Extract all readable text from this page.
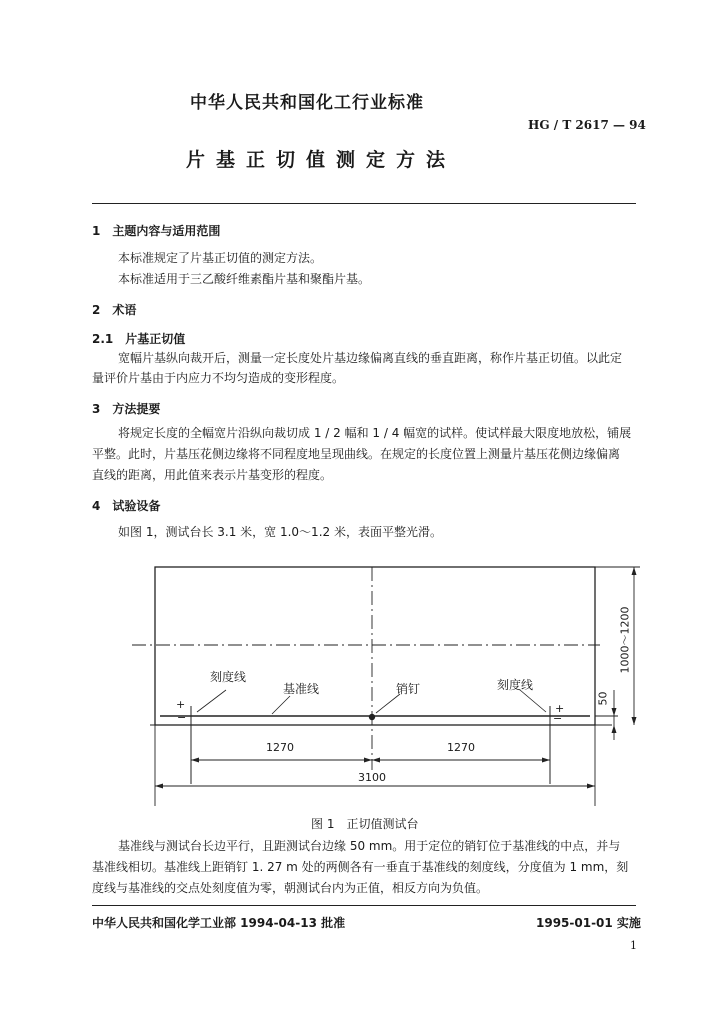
中华人民共和国化工行业标准
HG / T 2617 — 94
片基正切值测定方法
1　主题内容与适用范围
本标准规定了片基正切值的测定方法。
本标准适用于三乙酸纤维素酯片基和聚酯片基。
2　术语
2.1　片基正切值
宽幅片基纵向裁开后，测量一定长度处片基边缘偏离直线的垂直距离，称作片基正切值。以此定
量评价片基由于内应力不均匀造成的变形程度。
3　方法提要
将规定长度的全幅宽片沿纵向裁切成 1 / 2 幅和 1 / 4 幅宽的试样。使试样最大限度地放松，铺展
平整。此时，片基压花侧边缘将不同程度地呈现曲线。在规定的长度位置上测量片基压花侧边缘偏离
直线的距离，用此值来表示片基变形的程度。
4　试验设备
如图 1，测试台长 3.1 米，宽 1.0～1.2 米，表面平整光滑。
刻度线
基准线	销钉	刻度线
+
−
+
−
1270	1270
3100
1000～1200
50
图 1　正切值测试台
基准线与测试台长边平行，且距测试台边缘 50 mm。用于定位的销钉位于基准线的中点，并与
基准线相切。基准线上距销钉 1. 27 m 处的两侧各有一垂直于基准线的刻度线，分度值为 1 mm，刻
度线与基准线的交点处刻度值为零，朝测试台内为正值，相反方向为负值。
中华人民共和国化学工业部 1994-04-13 批准	1995-01-01 实施
1
